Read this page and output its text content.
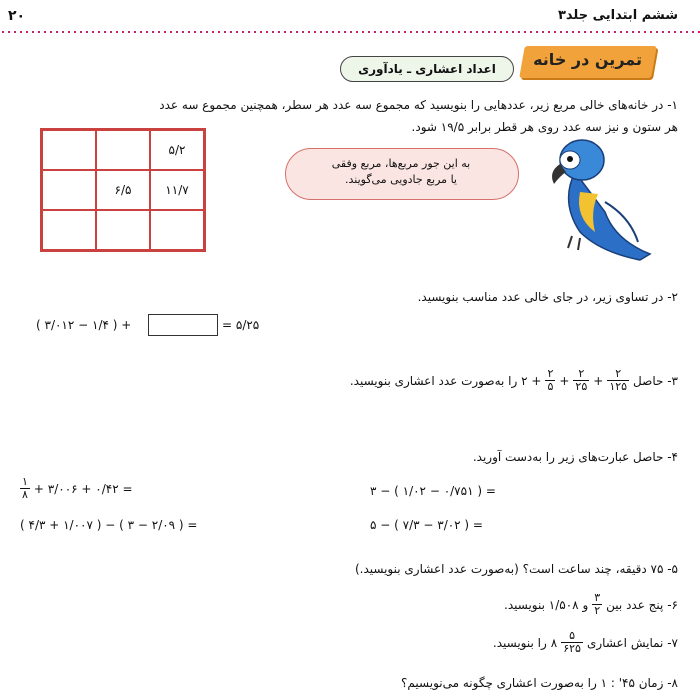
ششم ابتدایی جلد۳
۲۰
تمرین در خانه
اعداد اعشاری ـ یادآوری
۱- در خانه‌های خالی مربع زیر، عددهایی را بنویسید که مجموع سه عدد هر سطر، همچنین مجموع سه عدد
هر ستون و نیز سه عدد روی هر قطر برابر ۱۹/۵ شود.
۵/۲
۶/۵	۱۱/۷
به این جور مربع‌ها، مربع وفقی
یا مربع جادویی می‌گویند.
۲- در تساوی زیر، در جای خالی عدد مناسب بنویسید.
( ۳/۰۱۲ − ۱/۴ ) +	= ۵/۲۵
۳- حاصل
$\frac{۲}{۱۲۵}$
+
$\frac{۲}{۲۵}$
+
$\frac{۲}{۵}$
+ ۲ را به‌صورت عدد اعشاری بنویسید.
۴- حاصل عبارت‌های زیر را به‌دست آورید.
۳ − ( ۱/۰۲ − ۰/۷۵۱ ) =
$\frac{۱}{۸}$ + ۳/۰۰۶ + ۰/۴۲ =
۵ − ( ۷/۳ − ۳/۰۲ ) =
( ۴/۳ + ۱/۰۰۷ ) − ( ۳ − ۲/۰۹ ) =
۵- ۷۵ دقیقه، چند ساعت است؟ (به‌صورت عدد اعشاری بنویسید.)
۶- پنج عدد بین
$\frac{۳}{۲}$
و ۱/۵۰۸ بنویسید.
۷- نمایش اعشاری
$\frac{۵}{۶۲۵}$
۸
را بنویسید.
۸- زمان ۴۵' : ۱ را به‌صورت اعشاری چگونه می‌نویسیم؟
